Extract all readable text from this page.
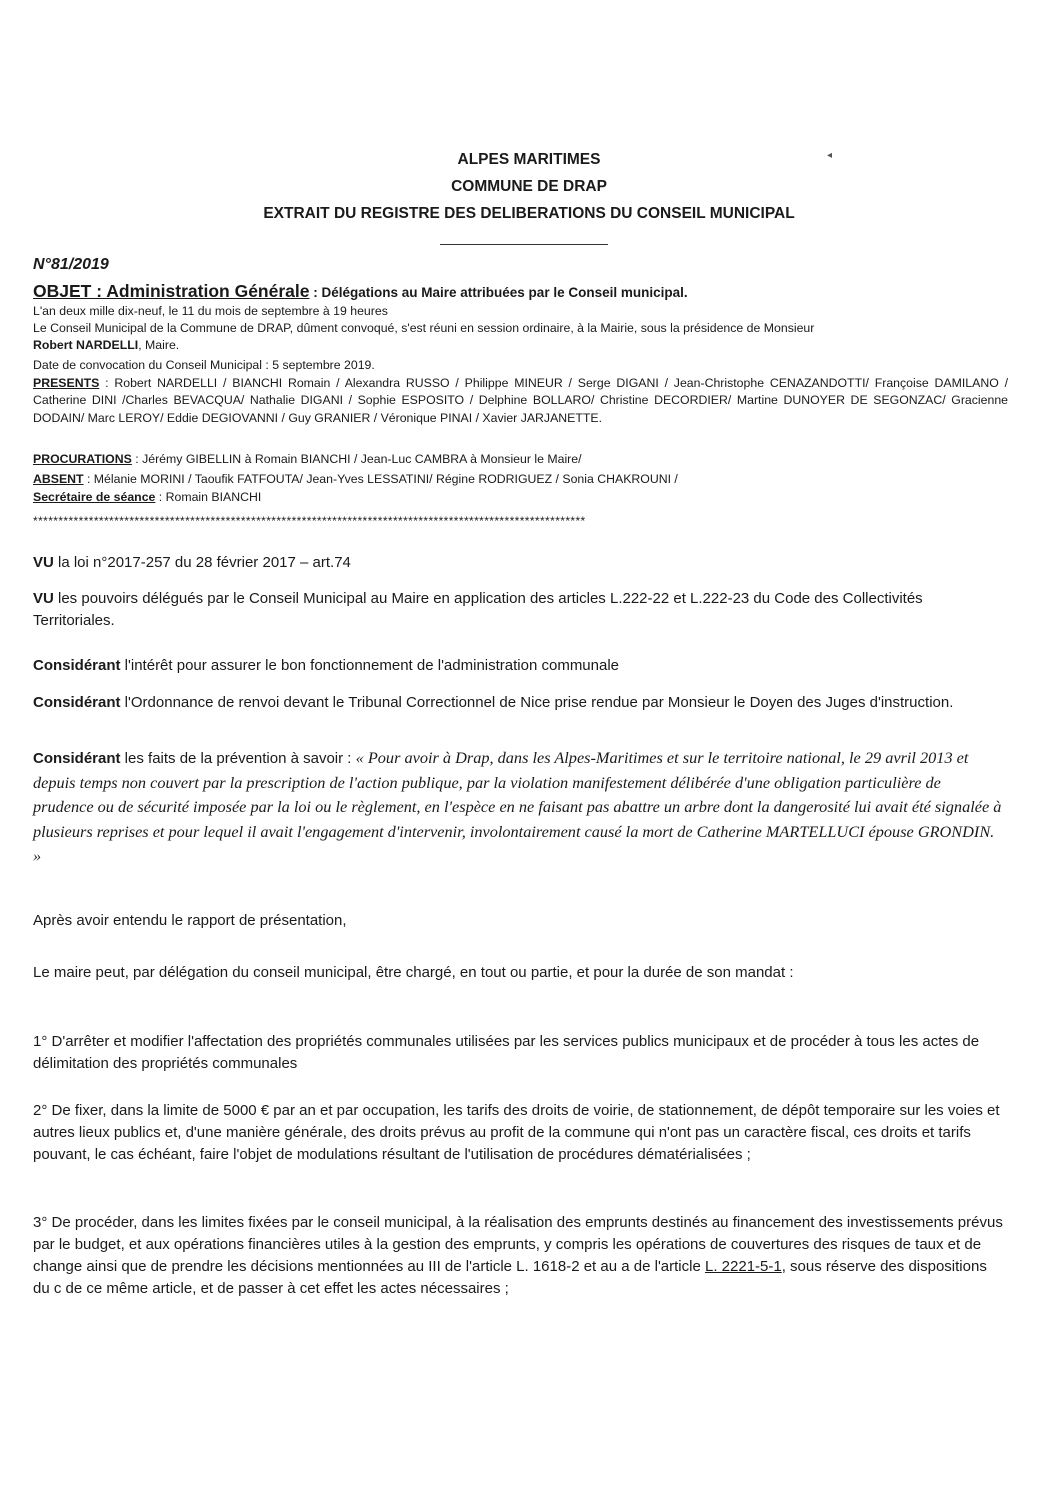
◂
ALPES MARITIMES
COMMUNE DE DRAP
EXTRAIT DU REGISTRE DES DELIBERATIONS DU CONSEIL MUNICIPAL
N°81/2019
OBJET : Administration Générale : Délégations au Maire attribuées par le Conseil municipal.
L'an deux mille dix-neuf, le 11 du mois de septembre à 19 heures
Le Conseil Municipal de la Commune de DRAP, dûment convoqué, s'est réuni en session ordinaire, à la Mairie, sous la présidence de Monsieur
Robert NARDELLI, Maire.
Date de convocation du Conseil Municipal : 5 septembre 2019.
PRESENTS : Robert NARDELLI / BIANCHI Romain / Alexandra RUSSO / Philippe MINEUR / Serge DIGANI / Jean-Christophe CENAZANDOTTI/ Françoise DAMILANO / Catherine DINI /Charles BEVACQUA/ Nathalie DIGANI / Sophie ESPOSITO / Delphine BOLLARO/ Christine DECORDIER/ Martine DUNOYER DE SEGONZAC/ Gracienne DODAIN/ Marc LEROY/ Eddie DEGIOVANNI / Guy GRANIER / Véronique PINAI / Xavier JARJANETTE.
PROCURATIONS : Jérémy GIBELLIN à Romain BIANCHI / Jean-Luc CAMBRA à Monsieur le Maire/
ABSENT : Mélanie MORINI / Taoufik FATFOUTA/ Jean-Yves LESSATINI/ Régine RODRIGUEZ / Sonia CHAKROUNI /
Secrétaire de séance : Romain BIANCHI
*************************************************************************************************************
VU la loi n°2017-257 du 28 février 2017 – art.74
VU les pouvoirs délégués par le Conseil Municipal au Maire en application des articles L.222-22 et L.222-23 du Code des Collectivités Territoriales.
Considérant l'intérêt pour assurer le bon fonctionnement de l'administration communale
Considérant l'Ordonnance de renvoi devant le Tribunal Correctionnel de Nice prise rendue par Monsieur le Doyen des Juges d'instruction.
Considérant les faits de la prévention à savoir : « Pour avoir à Drap, dans les Alpes-Maritimes et sur le territoire national, le 29 avril 2013 et depuis temps non couvert par la prescription de l'action publique, par la violation manifestement délibérée d'une obligation particulière de prudence ou de sécurité imposée par la loi ou le règlement, en l'espèce en ne faisant pas abattre un arbre dont la dangerosité lui avait été signalée à plusieurs reprises et pour lequel il avait l'engagement d'intervenir, involontairement causé la mort de Catherine MARTELLUCI épouse GRONDIN. »
Après avoir entendu le rapport de présentation,
Le maire peut, par délégation du conseil municipal, être chargé, en tout ou partie, et pour la durée de son mandat :
1° D'arrêter et modifier l'affectation des propriétés communales utilisées par les services publics municipaux et de procéder à tous les actes de délimitation des propriétés communales
2° De fixer, dans la limite de 5000 € par an et par occupation, les tarifs des droits de voirie, de stationnement, de dépôt temporaire sur les voies et autres lieux publics et, d'une manière générale, des droits prévus au profit de la commune qui n'ont pas un caractère fiscal, ces droits et tarifs pouvant, le cas échéant, faire l'objet de modulations résultant de l'utilisation de procédures dématérialisées ;
3° De procéder, dans les limites fixées par le conseil municipal, à la réalisation des emprunts destinés au financement des investissements prévus par le budget, et aux opérations financières utiles à la gestion des emprunts, y compris les opérations de couvertures des risques de taux et de change ainsi que de prendre les décisions mentionnées au III de l'article L. 1618-2 et au a de l'article L. 2221-5-1, sous réserve des dispositions du c de ce même article, et de passer à cet effet les actes nécessaires ;
